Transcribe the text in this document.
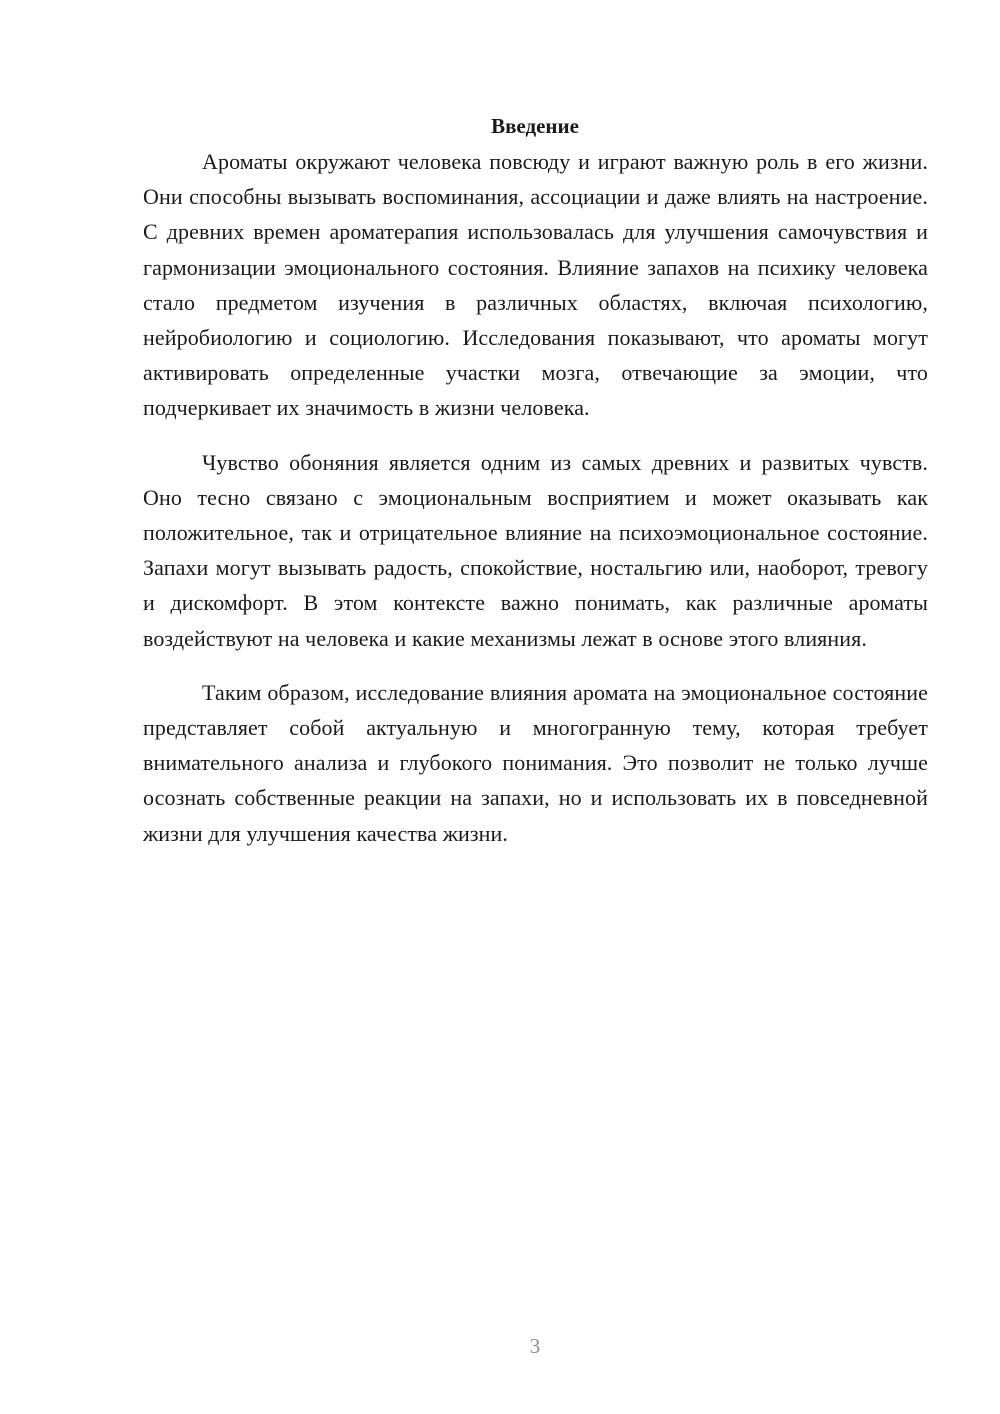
Введение

Ароматы окружают человека повсюду и играют важную роль в его жизни. Они способны вызывать воспоминания, ассоциации и даже влиять на настроение. С древних времен ароматерапия использовалась для улучшения самочувствия и гармонизации эмоционального состояния. Влияние запахов на психику человека стало предметом изучения в различных областях, включая психологию, нейробиологию и социологию. Исследования показывают, что ароматы могут активировать определенные участки мозга, отвечающие за эмоции, что подчеркивает их значимость в жизни человека.

Чувство обоняния является одним из самых древних и развитых чувств. Оно тесно связано с эмоциональным восприятием и может оказывать как положительное, так и отрицательное влияние на психоэмоциональное состояние. Запахи могут вызывать радость, спокойствие, ностальгию или, наоборот, тревогу и дискомфорт. В этом контексте важно понимать, как различные ароматы воздействуют на человека и какие механизмы лежат в основе этого влияния.

Таким образом, исследование влияния аромата на эмоциональное состояние представляет собой актуальную и многогранную тему, которая требует внимательного анализа и глубокого понимания. Это позволит не только лучше осознать собственные реакции на запахи, но и использовать их в повседневной жизни для улучшения качества жизни.

3
